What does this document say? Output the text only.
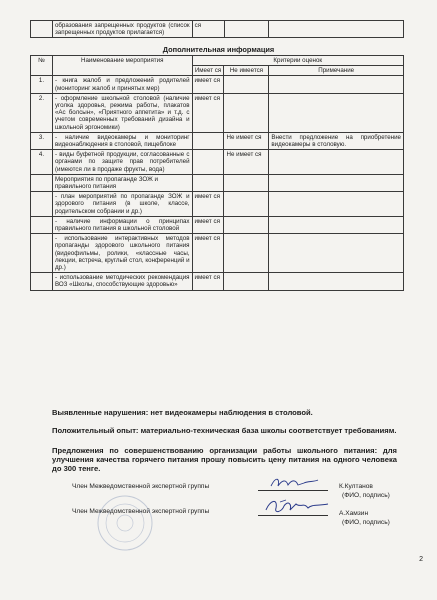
	образования запрещенных продуктов (список запрещенных продуктов прилагается)	ся		
Дополнительная информация
№	Наименование мероприятия	Критерии оценок		
		Имеет ся	Не имеется	Примечание
1.	- книга жалоб и предложений родителей (мониторинг жалоб и принятых мер)	имеет ся		
2.	- оформление школьной столовой (наличие уголка здоровья, режима работы, плакатов «Ас болсын», «Приятного аппетита» и т.д. с учетом современных требований дизайна и школьной эргономики)	имеет ся		
3.	- наличие видеокамеры и мониторинг видеонаблюдения в столовой, пищеблоке		Не имеет ся	Внести предложение на приобретение видеокамеры в столовую.
4.	- виды буфетной продукции, согласованные с органами по защите прав потребителей (имеются ли в продаже фрукты, вода)		Не имеет ся	
	Мероприятия по пропаганде ЗОЖ и правильного питания			
	- план мероприятий по пропаганде ЗОЖ и здорового питания (в школе, классе, родительском собрании и др.)	имеет ся		
	- наличие информации о принципах правильного питания в школьной столовой	имеет ся		
	- использование интерактивных методов пропаганды здорового школьного питания (видеофильмы, ролики, «классные часы, лекции, встреча, круглый стол, конференций и др.)	имеет ся		
	- использование методических рекомендация ВОЗ «Школы, способствующие здоровью»	имеет ся		

Выявленные нарушения: нет видеокамеры наблюдения в столовой.

Положительный опыт: материально-техническая база школы соответствует требованиям.

Предложения по совершенствованию организации работы школьного питания: для улучшения качества горячего питания прошу повысить цену питания на одного человека до 300 тенге.

Член Межведомственной экспертной группы	К.Култанов
(ФИО, подпись)
Член Межведомственной экспертной группы	А.Хамзин
(ФИО, подпись)
2
